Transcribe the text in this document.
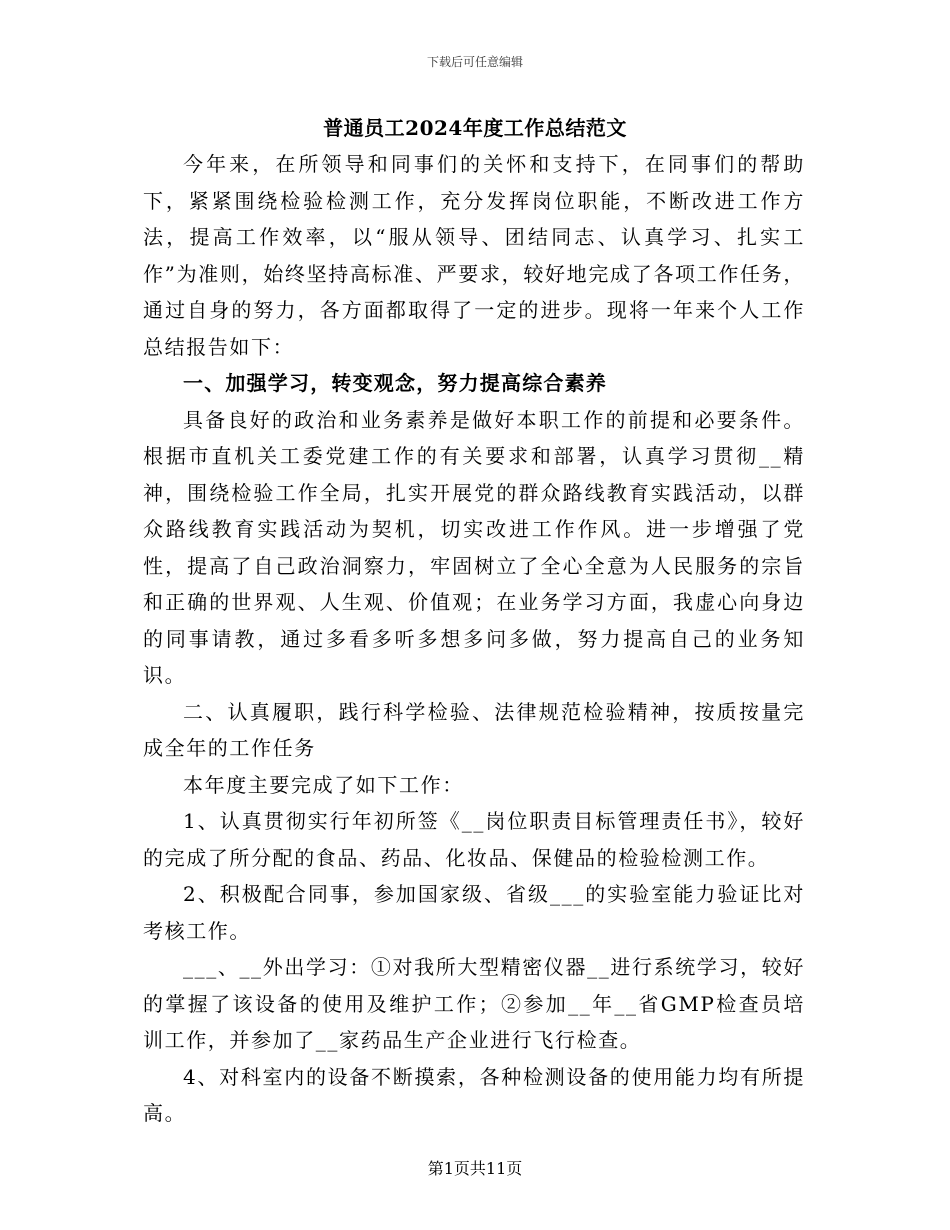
下载后可任意编辑
普通员工2024年度工作总结范文

今年来，在所领导和同事们的关怀和支持下，在同事们的帮助下，紧紧围绕检验检测工作，充分发挥岗位职能，不断改进工作方法，提高工作效率，以“服从领导、团结同志、认真学习、扎实工作”为准则，始终坚持高标准、严要求，较好地完成了各项工作任务，通过自身的努力，各方面都取得了一定的进步。现将一年来个人工作总结报告如下：

一、加强学习，转变观念，努力提高综合素养

具备良好的政治和业务素养是做好本职工作的前提和必要条件。根据市直机关工委党建工作的有关要求和部署，认真学习贯彻__精神，围绕检验工作全局，扎实开展党的群众路线教育实践活动，以群众路线教育实践活动为契机，切实改进工作作风。进一步增强了党性，提高了自己政治洞察力，牢固树立了全心全意为人民服务的宗旨和正确的世界观、人生观、价值观；在业务学习方面，我虚心向身边的同事请教，通过多看多听多想多问多做，努力提高自己的业务知识。

二、认真履职，践行科学检验、法律规范检验精神，按质按量完成全年的工作任务

本年度主要完成了如下工作：

1、认真贯彻实行年初所签《__岗位职责目标管理责任书》，较好的完成了所分配的食品、药品、化妆品、保健品的检验检测工作。

2、积极配合同事，参加国家级、省级___的实验室能力验证比对考核工作。

___、__外出学习：①对我所大型精密仪器__进行系统学习，较好的掌握了该设备的使用及维护工作；②参加__年__省GMP检查员培训工作，并参加了__家药品生产企业进行飞行检查。

4、对科室内的设备不断摸索，各种检测设备的使用能力均有所提高。

第1页共11页
